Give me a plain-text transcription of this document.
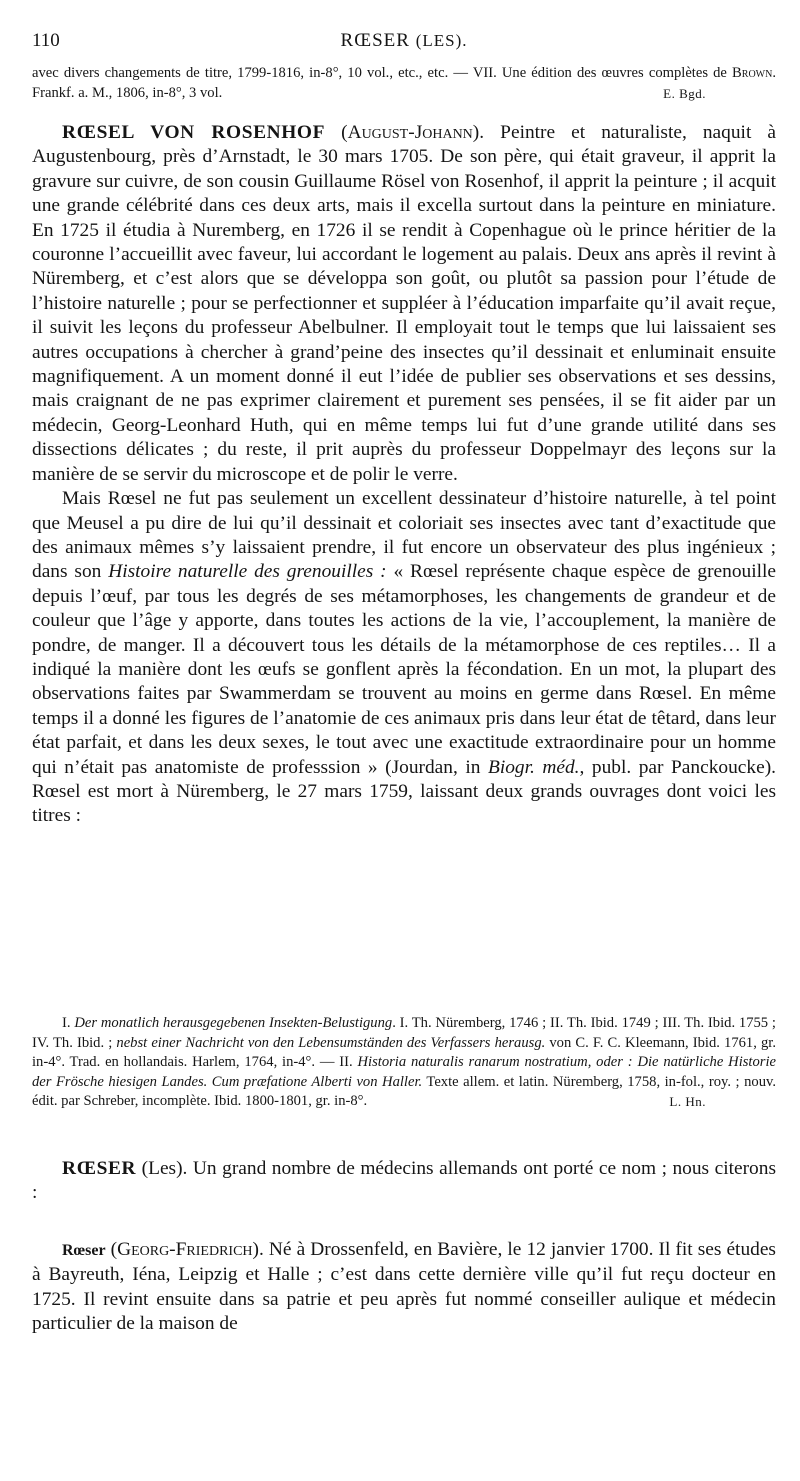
110	RŒSER (LES).

avec divers changements de titre, 1799-1816, in-8°, 10 vol., etc., etc. — VII. Une édition des œuvres complètes de Brown. Frankf. a. M., 1806, in-8°, 3 vol.	E. Bgd.

RŒSEL VON ROSENHOF (August-Johann). Peintre et naturaliste, naquit à Augustenbourg, près d’Arnstadt, le 30 mars 1705. De son père, qui était graveur, il apprit la gravure sur cuivre, de son cousin Guillaume Rösel von Rosenhof, il apprit la peinture ; il acquit une grande célébrité dans ces deux arts, mais il excella surtout dans la peinture en miniature. En 1725 il étudia à Nuremberg, en 1726 il se rendit à Copenhague où le prince héritier de la couronne l’accueillit avec faveur, lui accordant le logement au palais. Deux ans après il revint à Nüremberg, et c’est alors que se développa son goût, ou plutôt sa passion pour l’étude de l’histoire naturelle ; pour se perfectionner et suppléer à l’éducation imparfaite qu’il avait reçue, il suivit les leçons du professeur Abelbulner. Il employait tout le temps que lui laissaient ses autres occupations à chercher à grand’peine des insectes qu’il dessinait et enluminait ensuite magnifiquement. A un moment donné il eut l’idée de publier ses observations et ses dessins, mais craignant de ne pas exprimer clairement et purement ses pensées, il se fit aider par un médecin, Georg-Leonhard Huth, qui en même temps lui fut d’une grande utilité dans ses dissections délicates ; du reste, il prit auprès du professeur Doppelmayr des leçons sur la manière de se servir du microscope et de polir le verre.

Mais Rœsel ne fut pas seulement un excellent dessinateur d’histoire naturelle, à tel point que Meusel a pu dire de lui qu’il dessinait et coloriait ses insectes avec tant d’exactitude que des animaux mêmes s’y laissaient prendre, il fut encore un observateur des plus ingénieux ; dans son Histoire naturelle des grenouilles : « Rœsel représente chaque espèce de grenouille depuis l’œuf, par tous les degrés de ses métamorphoses, les changements de grandeur et de couleur que l’âge y apporte, dans toutes les actions de la vie, l’accouplement, la manière de pondre, de manger. Il a découvert tous les détails de la métamorphose de ces reptiles… Il a indiqué la manière dont les œufs se gonflent après la fécondation. En un mot, la plupart des observations faites par Swammerdam se trouvent au moins en germe dans Rœsel. En même temps il a donné les figures de l’anatomie de ces animaux pris dans leur état de têtard, dans leur état parfait, et dans les deux sexes, le tout avec une exactitude extraordinaire pour un homme qui n’était pas anatomiste de professsion » (Jourdan, in Biogr. méd., publ. par Panckoucke). Rœsel est mort à Nüremberg, le 27 mars 1759, laissant deux grands ouvrages dont voici les titres :

I. Der monatlich herausgegebenen Insekten-Belustigung. I. Th. Nüremberg, 1746 ; II. Th. Ibid. 1749 ; III. Th. Ibid. 1755 ; IV. Th. Ibid. ; nebst einer Nachricht von den Lebensumständen des Verfassers herausg. von C. F. C. Kleemann, Ibid. 1761, gr. in-4°. Trad. en hollandais. Harlem, 1764, in-4°. — II. Historia naturalis ranarum nostratium, oder : Die natürliche Historie der Frösche hiesigen Landes. Cum præfatione Alberti von Haller. Texte allem. et latin. Nüremberg, 1758, in-fol., roy. ; nouv. édit. par Schreber, incomplète. Ibid. 1800-1801, gr. in-8°.	L. Hn.

RŒSER (Les). Un grand nombre de médecins allemands ont porté ce nom ; nous citerons :

Rœser (Georg-Friedrich). Né à Drossenfeld, en Bavière, le 12 janvier 1700. Il fit ses études à Bayreuth, Iéna, Leipzig et Halle ; c’est dans cette dernière ville qu’il fut reçu docteur en 1725. Il revint ensuite dans sa patrie et peu après fut nommé conseiller aulique et médecin particulier de la maison de
